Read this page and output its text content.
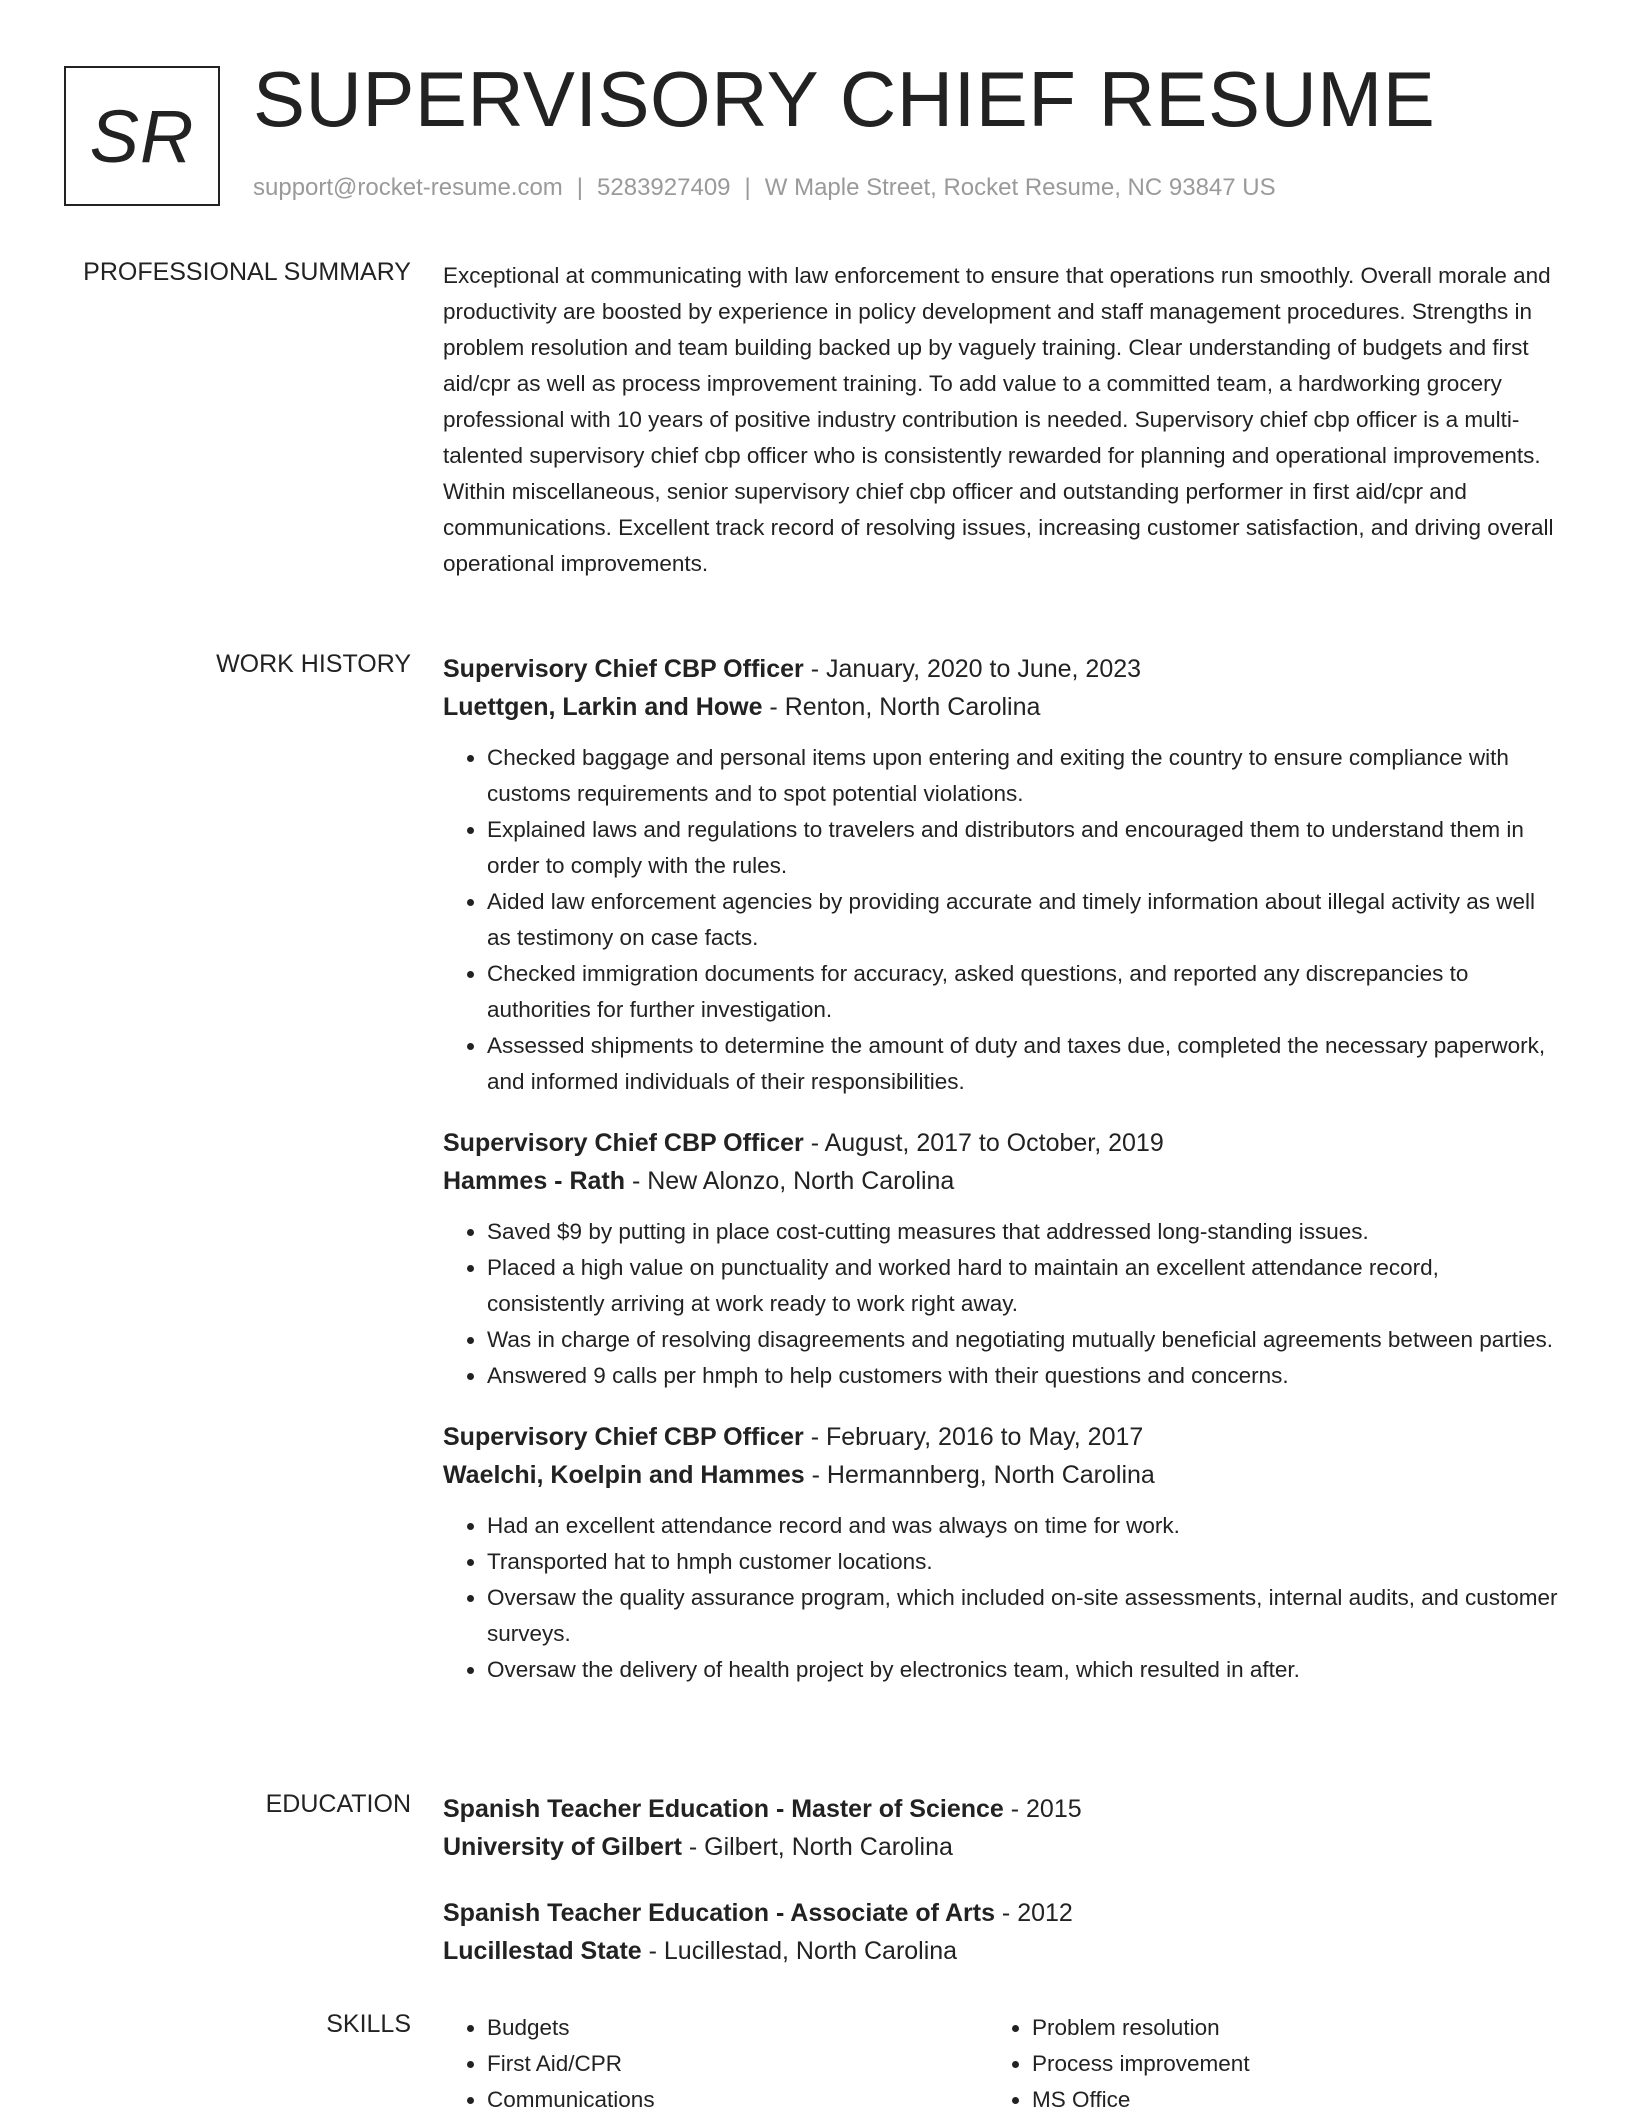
SR SUPERVISORY CHIEF RESUME
support@rocket-resume.com | 5283927409 | W Maple Street, Rocket Resume, NC 93847 US
PROFESSIONAL SUMMARY Exceptional at communicating with law enforcement to ensure that operations run smoothly. Overall morale and productivity are boosted by experience in policy development and staff management procedures. Strengths in problem resolution and team building backed up by vaguely training. Clear understanding of budgets and first aid/cpr as well as process improvement training. To add value to a committed team, a hardworking grocery professional with 10 years of positive industry contribution is needed. Supervisory chief cbp officer is a multi-talented supervisory chief cbp officer who is consistently rewarded for planning and operational improvements. Within miscellaneous, senior supervisory chief cbp officer and outstanding performer in first aid/cpr and communications. Excellent track record of resolving issues, increasing customer satisfaction, and driving overall operational improvements.

WORK HISTORY Supervisory Chief CBP Officer - January, 2020 to June, 2023
Luettgen, Larkin and Howe - Renton, North Carolina
• Checked baggage and personal items upon entering and exiting the country to ensure compliance with customs requirements and to spot potential violations.
• Explained laws and regulations to travelers and distributors and encouraged them to understand them in order to comply with the rules.
• Aided law enforcement agencies by providing accurate and timely information about illegal activity as well as testimony on case facts.
• Checked immigration documents for accuracy, asked questions, and reported any discrepancies to authorities for further investigation.
• Assessed shipments to determine the amount of duty and taxes due, completed the necessary paperwork, and informed individuals of their responsibilities.
Supervisory Chief CBP Officer - August, 2017 to October, 2019
Hammes - Rath - New Alonzo, North Carolina
• Saved $9 by putting in place cost-cutting measures that addressed long-standing issues.
• Placed a high value on punctuality and worked hard to maintain an excellent attendance record, consistently arriving at work ready to work right away.
• Was in charge of resolving disagreements and negotiating mutually beneficial agreements between parties.
• Answered 9 calls per hmph to help customers with their questions and concerns.
Supervisory Chief CBP Officer - February, 2016 to May, 2017
Waelchi, Koelpin and Hammes - Hermannberg, North Carolina
• Had an excellent attendance record and was always on time for work.
• Transported hat to hmph customer locations.
• Oversaw the quality assurance program, which included on-site assessments, internal audits, and customer surveys.
• Oversaw the delivery of health project by electronics team, which resulted in after.
EDUCATION Spanish Teacher Education - Master of Science - 2015
University of Gilbert - Gilbert, North Carolina
Spanish Teacher Education - Associate of Arts - 2012
Lucillestad State - Lucillestad, North Carolina
SKILLS
•	Budgets
• First Aid/CPR
• Communications
• Problem resolution
• Process improvement
• MS Office
